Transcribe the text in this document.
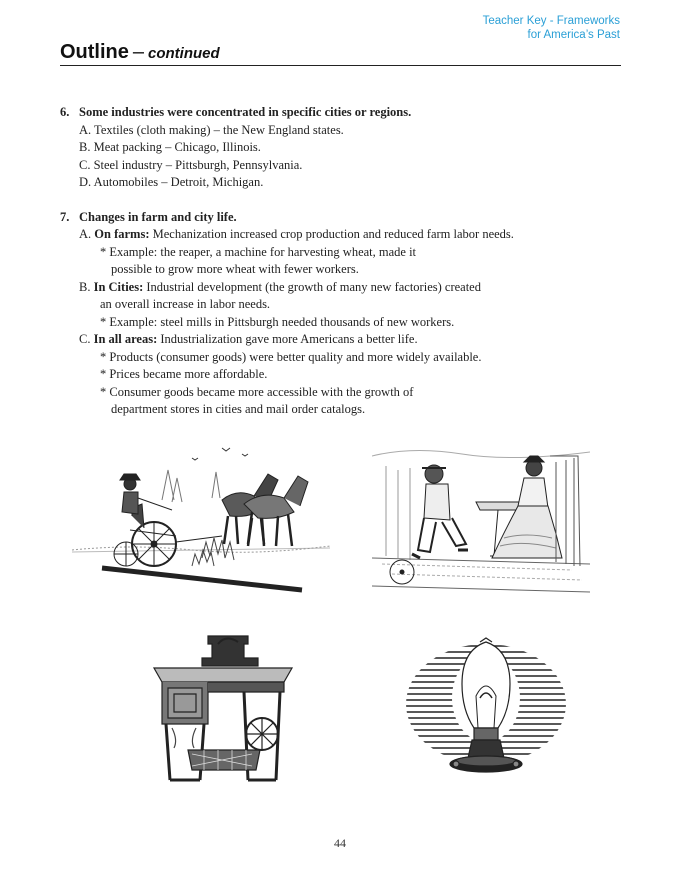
Teacher Key - Frameworks
for America’s Past
Outline – continued
6. Some industries were concentrated in specific cities or regions.
A. Textiles (cloth making) – the New England states.
B. Meat packing – Chicago, Illinois.
C. Steel industry – Pittsburgh, Pennsylvania.
D. Automobiles – Detroit, Michigan.
7. Changes in farm and city life.
A. On farms: Mechanization increased crop production and reduced farm labor needs.
* Example: the reaper, a machine for harvesting wheat, made it
possible to grow more wheat with fewer workers.
B. In Cities: Industrial development (the growth of many new factories) created
an overall increase in labor needs.
* Example: steel mills in Pittsburgh needed thousands of new workers.
C. In all areas: Industrialization gave more Americans a better life.
* Products (consumer goods) were better quality and more widely available.
* Prices became more affordable.
* Consumer goods became more accessible with the growth of
department stores in cities and mail order catalogs.
44
